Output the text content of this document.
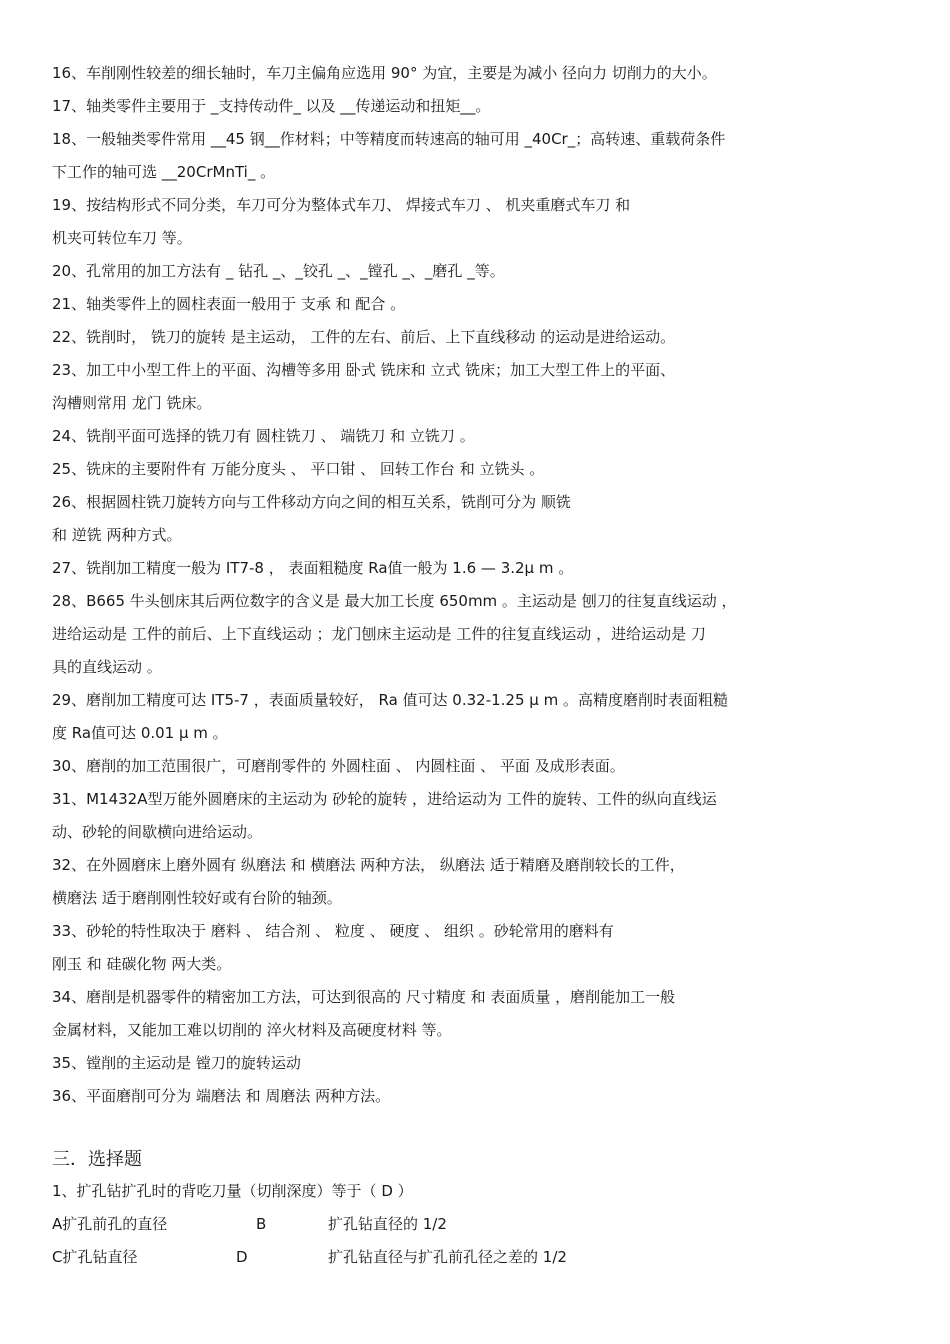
16、车削刚性较差的细长轴时，车刀主偏角应选用 90° 为宜，主要是为减小 径向力 切削力的大小。
17、轴类零件主要用于 _支持传动件_ 以及 __传递运动和扭矩__。
18、一般轴类零件常用 __45 钢__作材料；中等精度而转速高的轴可用 _40Cr_；高转速、重载荷条件
下工作的轴可选 __20CrMnTi_ 。
19、按结构形式不同分类，车刀可分为整体式车刀、 焊接式车刀 、 机夹重磨式车刀 和
机夹可转位车刀 等。
20、孔常用的加工方法有 _ 钻孔 _、_铰孔 _、_镗孔 _、_磨孔 _等。
21、轴类零件上的圆柱表面一般用于 支承 和 配合 。
22、铣削时， 铣刀的旋转 是主运动， 工件的左右、前后、上下直线移动 的运动是进给运动。
23、加工中小型工件上的平面、沟槽等多用 卧式 铣床和 立式 铣床；加工大型工件上的平面、
沟槽则常用 龙门 铣床。
24、铣削平面可选择的铣刀有 圆柱铣刀 、 端铣刀 和 立铣刀 。
25、铣床的主要附件有 万能分度头 、 平口钳 、 回转工作台 和 立铣头 。
26、根据圆柱铣刀旋转方向与工件移动方向之间的相互关系，铣削可分为 顺铣
和 逆铣 两种方式。
27、铣削加工精度一般为 IT7-8 ， 表面粗糙度 Ra值一般为 1.6 — 3.2μ m 。
28、B665 牛头刨床其后两位数字的含义是 最大加工长度 650mm 。主运动是 刨刀的往复直线运动 ，
进给运动是 工件的前后、上下直线运动 ；龙门刨床主运动是 工件的往复直线运动 ，进给运动是 刀
具的直线运动 。
29、磨削加工精度可达 IT5-7 ，表面质量较好， Ra 值可达 0.32-1.25 μ m 。高精度磨削时表面粗糙
度 Ra值可达 0.01 μ m 。
30、磨削的加工范围很广，可磨削零件的 外圆柱面 、 内圆柱面 、 平面 及成形表面。
31、M1432A型万能外圆磨床的主运动为 砂轮的旋转 ，进给运动为 工件的旋转、工件的纵向直线运
动、砂轮的间歇横向进给运动。
32、在外圆磨床上磨外圆有 纵磨法 和 横磨法 两种方法， 纵磨法 适于精磨及磨削较长的工件，
横磨法 适于磨削刚性较好或有台阶的轴颈。
33、砂轮的特性取决于 磨料 、 结合剂 、 粒度 、 硬度 、 组织 。砂轮常用的磨料有
刚玉 和 硅碳化物 两大类。
34、磨削是机器零件的精密加工方法，可达到很高的 尺寸精度 和 表面质量 ，磨削能加工一般
金属材料，又能加工难以切削的 淬火材料及高硬度材料 等。
35、镗削的主运动是 镗刀的旋转运动
36、平面磨削可分为 端磨法 和 周磨法 两种方法。
三．选择题
1、扩孔钻扩孔时的背吃刀量（切削深度）等于（ D ）
A扩孔前孔的直径	B	扩孔钻直径的 1/2
C扩孔钻直径	D	扩孔钻直径与扩孔前孔径之差的 1/2
